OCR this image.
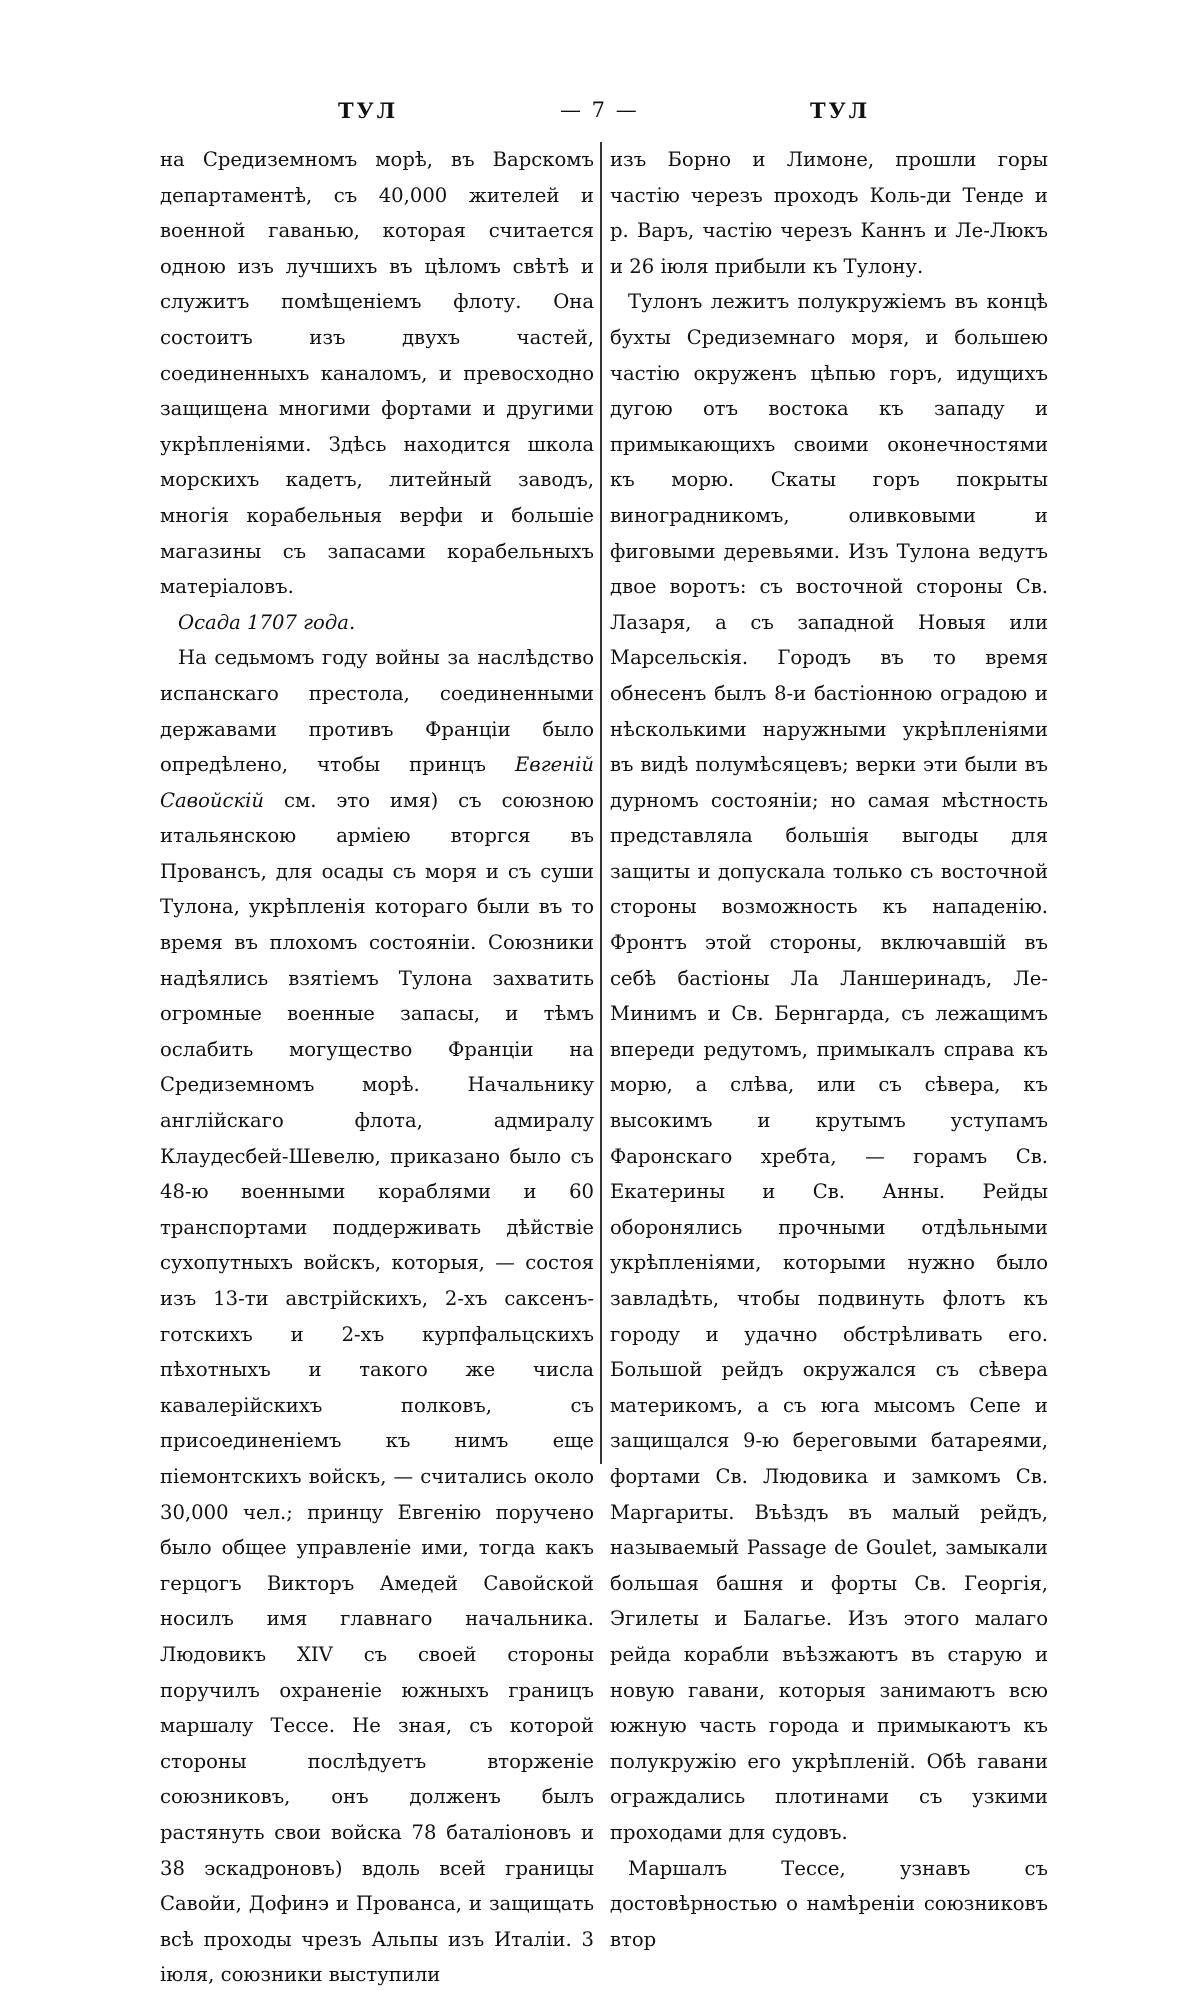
ТУЛ	— 7 —	ТУЛ

на Средиземномъ морѣ, въ Варскомъ департаментѣ, съ 40,000 жителей и военной гаванью, которая считается одною изъ лучшихъ въ цѣломъ свѣтѣ и служитъ помѣщеніемъ флоту. Она состоитъ изъ двухъ частей, соединенныхъ каналомъ, и превосходно защищена многими фортами и другими укрѣпленіями. Здѣсь находится школа морскихъ кадетъ, литейный заводъ, многія корабельныя верфи и большіе магазины съ запасами корабельныхъ матеріаловъ.

Осада 1707 года.

На седьмомъ году войны за наслѣдство испанскаго престола, соединенными державами противъ Франціи было опредѣлено, чтобы принцъ Евгеній Савойскій см. это имя) съ союзною итальянскою арміею вторгся въ Провансъ, для осады съ моря и съ суши Тулона, укрѣпленія котораго были въ то время въ плохомъ состояніи. Союзники надѣялись взятіемъ Тулона захватить огромные военные запасы, и тѣмъ ослабить могущество Франціи на Средиземномъ морѣ. Начальнику англійскаго флота, адмиралу Клаудесбей-Шевелю, приказано было съ 48-ю военными кораблями и 60 транспортами поддерживать дѣйствіе сухопутныхъ войскъ, которыя, — состоя изъ 13-ти австрійскихъ, 2-хъ саксенъ-готскихъ и 2-хъ курпфальцскихъ пѣхотныхъ и такого же числа кавалерійскихъ полковъ, съ присоединеніемъ къ нимъ еще піемонтскихъ войскъ, — считались около 30,000 чел.; принцу Евгенію поручено было общее управленіе ими, тогда какъ герцогъ Викторъ Амедей Савойской носилъ имя главнаго начальника. Людовикъ XIV съ своей стороны поручилъ охраненіе южныхъ границъ маршалу Тессе. Не зная, съ которой стороны послѣдуетъ вторженіе союзниковъ, онъ долженъ былъ растянуть свои войска 78 баталіоновъ и 38 эскадроновъ) вдоль всей границы Савойи, Дофинэ и Прованса, и защищать всѣ проходы чрезъ Альпы изъ Италіи. 3 іюля, союзники выступили

изъ Борно и Лимоне, прошли горы частію черезъ проходъ Коль-ди Тенде и р. Варъ, частію черезъ Каннъ и Ле-Люкъ и 26 іюля прибыли къ Тулону.

Тулонъ лежитъ полукружіемъ въ концѣ бухты Средиземнаго моря, и большею частію окруженъ цѣпью горъ, идущихъ дугою отъ востока къ западу и примыкающихъ своими оконечностями къ морю. Скаты горъ покрыты виноградникомъ, оливковыми и фиговыми деревьями. Изъ Тулона ведутъ двое воротъ: съ восточной стороны Св. Лазаря, а съ западной Новыя или Марсельскія. Городъ въ то время обнесенъ былъ 8-и бастіонною оградою и нѣсколькими наружными укрѣпленіями въ видѣ полумѣсяцевъ; верки эти были въ дурномъ состояніи; но самая мѣстность представляла большія выгоды для защиты и допускала только съ восточной стороны возможность къ нападенію. Фронтъ этой стороны, включавшій въ себѣ бастіоны Ла Ланшеринадъ, Ле-Минимъ и Св. Бернгарда, съ лежащимъ впереди редутомъ, примыкалъ справа къ морю, а слѣва, или съ сѣвера, къ высокимъ и крутымъ уступамъ Фаронскаго хребта, — горамъ Св. Екатерины и Св. Анны. Рейды оборонялись прочными отдѣльными укрѣпленіями, которыми нужно было завладѣть, чтобы подвинуть флотъ къ городу и удачно обстрѣливать его. Большой рейдъ окружался съ сѣвера материкомъ, а съ юга мысомъ Сепе и защищался 9-ю береговыми батареями, фортами Св. Людовика и замкомъ Св. Маргариты. Въѣздъ въ малый рейдъ, называемый Passage de Goulet, замыкали большая башня и форты Св. Георгія, Эгилеты и Балагье. Изъ этого малаго рейда корабли въѣзжаютъ въ старую и новую гавани, которыя занимаютъ всю южную часть города и примыкаютъ къ полукружію его укрѣпленій. Обѣ гавани ограждались плотинами съ узкими проходами для судовъ.

Маршалъ Тессе, узнавъ съ достовѣрностью о намѣреніи союзниковъ втор
